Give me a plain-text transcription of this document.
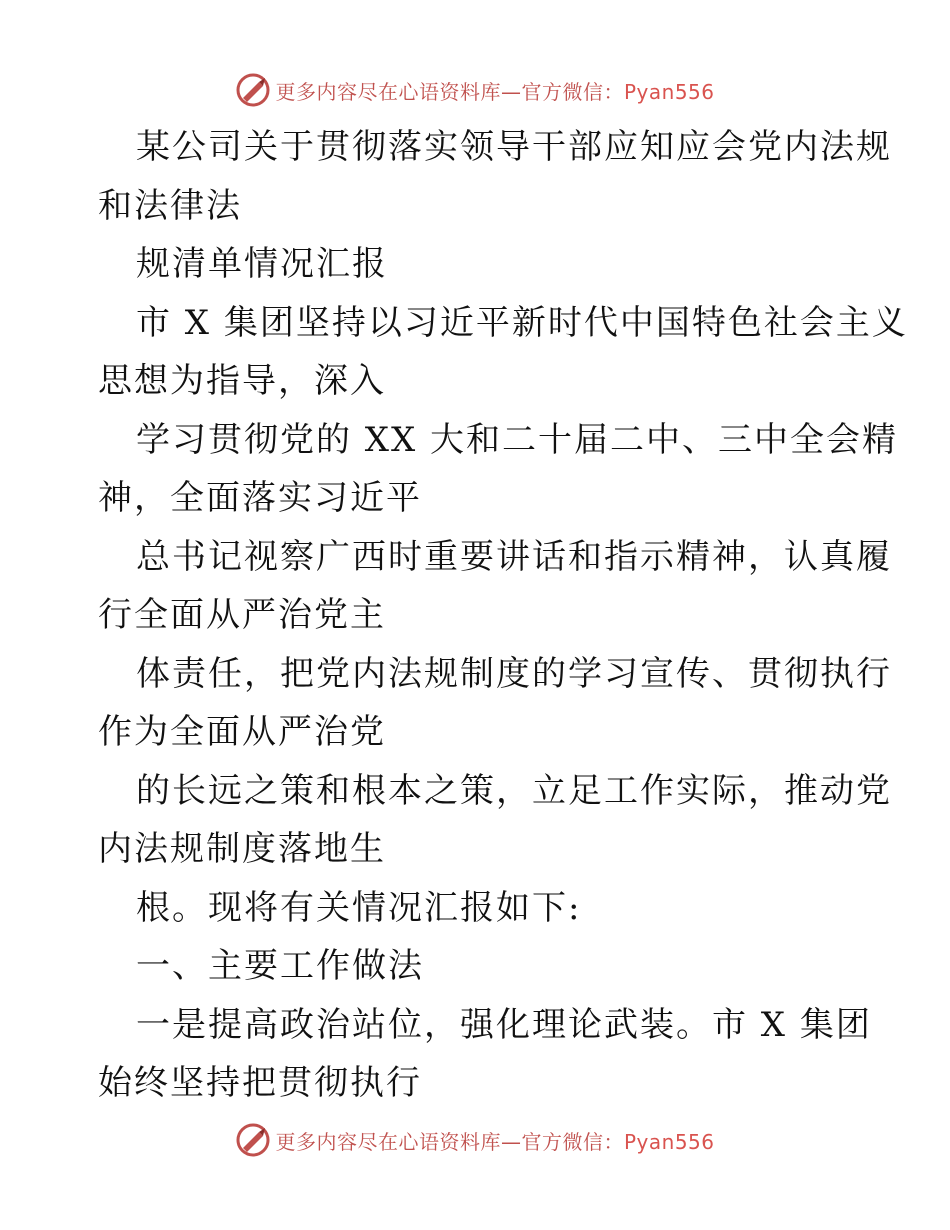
更多内容尽在心语资料库—官方微信：Pyan556
某公司关于贯彻落实领导干部应知应会党内法规
和法律法
规清单情况汇报
市 X 集团坚持以习近平新时代中国特色社会主义
思想为指导，深入
学习贯彻党的 XX 大和二十届二中、三中全会精
神，全面落实习近平
总书记视察广西时重要讲话和指示精神，认真履
行全面从严治党主
体责任，把党内法规制度的学习宣传、贯彻执行
作为全面从严治党
的长远之策和根本之策，立足工作实际，推动党
内法规制度落地生
根。现将有关情况汇报如下:
一、主要工作做法
一是提高政治站位，强化理论武装。市 X 集团
始终坚持把贯彻执行
更多内容尽在心语资料库—官方微信：Pyan556
